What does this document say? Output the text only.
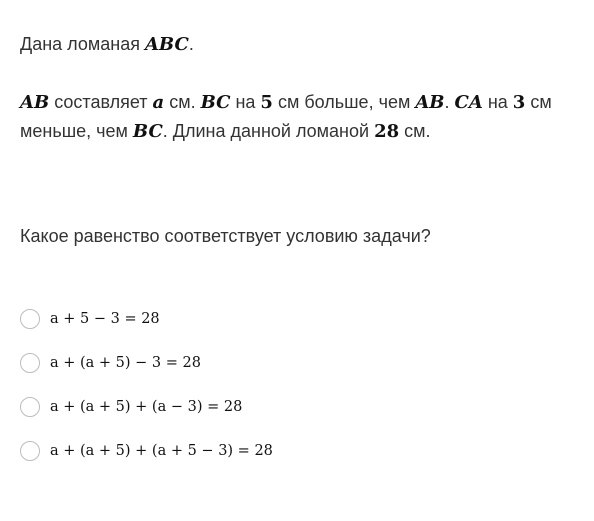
Дана ломаная ABC.

AB составляет a см. BC на 5 см больше, чем AB. CA на 3 см меньше, чем BC. Длина данной ломаной 28 см.

Какое равенство соответствует условию задачи?

a + 5 − 3 = 28
a + (a + 5) − 3 = 28
a + (a + 5) + (a − 3) = 28
a + (a + 5) + (a + 5 − 3) = 28
